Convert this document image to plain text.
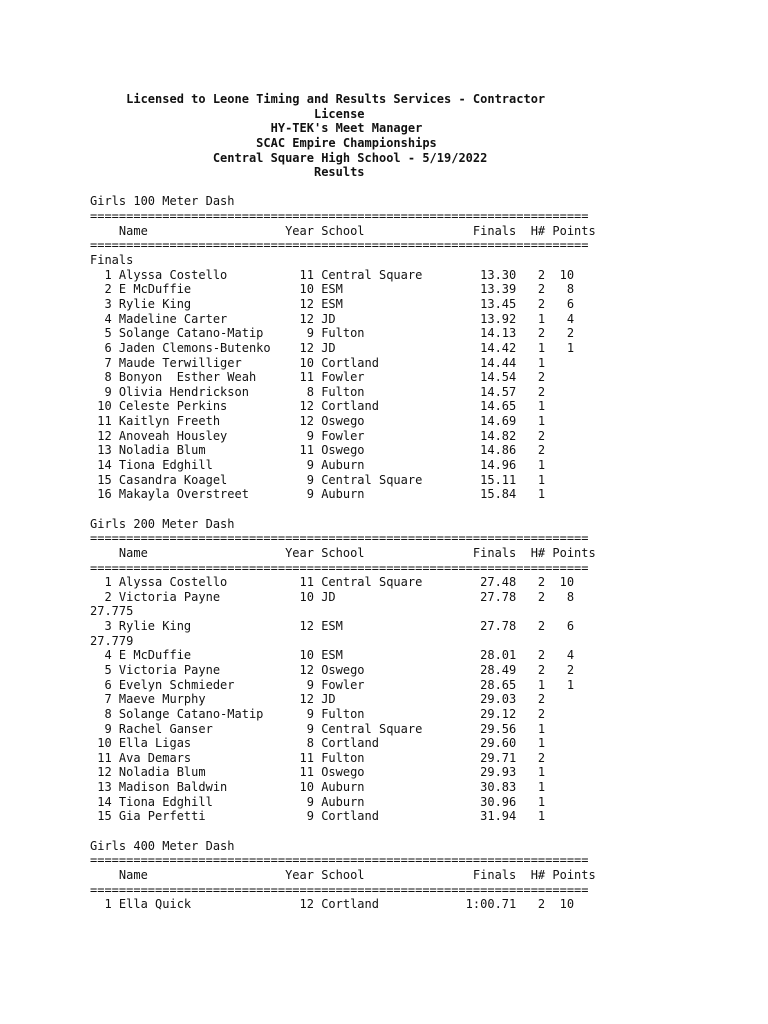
Licensed to Leone Timing and Results Services - Contractor
License
HY-TEK's Meet Manager
SCAC Empire Championships
Central Square High School - 5/19/2022
Results
Girls 100 Meter Dash
=====================================================================
Name                   Year School               Finals  H# Points
=====================================================================
Finals
1 Alyssa Costello          11 Central Square        13.30   2  10
2 E McDuffie               10 ESM                   13.39   2   8
3 Rylie King               12 ESM                   13.45   2   6
4 Madeline Carter          12 JD                    13.92   1   4
5 Solange Catano-Matip      9 Fulton                14.13   2   2
6 Jaden Clemons-Butenko    12 JD                    14.42   1   1
7 Maude Terwilliger        10 Cortland              14.44   1
8 Bonyon  Esther Weah      11 Fowler                14.54   2
9 Olivia Hendrickson        8 Fulton                14.57   2
10 Celeste Perkins          12 Cortland              14.65   1
11 Kaitlyn Freeth           12 Oswego                14.69   1
12 Anoveah Housley           9 Fowler                14.82   2
13 Noladia Blum             11 Oswego                14.86   2
14 Tiona Edghill             9 Auburn                14.96   1
15 Casandra Koagel           9 Central Square        15.11   1
16 Makayla Overstreet        9 Auburn                15.84   1
Girls 200 Meter Dash
=====================================================================
Name                   Year School               Finals  H# Points
=====================================================================
1 Alyssa Costello          11 Central Square        27.48   2  10
2 Victoria Payne           10 JD                    27.78   2   8
27.775
3 Rylie King               12 ESM                   27.78   2   6
27.779
4 E McDuffie               10 ESM                   28.01   2   4
5 Victoria Payne           12 Oswego                28.49   2   2
6 Evelyn Schmieder          9 Fowler                28.65   1   1
7 Maeve Murphy             12 JD                    29.03   2
8 Solange Catano-Matip      9 Fulton                29.12   2
9 Rachel Ganser             9 Central Square        29.56   1
10 Ella Ligas                8 Cortland              29.60   1
11 Ava Demars               11 Fulton                29.71   2
12 Noladia Blum             11 Oswego                29.93   1
13 Madison Baldwin          10 Auburn                30.83   1
14 Tiona Edghill             9 Auburn                30.96   1
15 Gia Perfetti              9 Cortland              31.94   1
Girls 400 Meter Dash
=====================================================================
Name                   Year School               Finals  H# Points
=====================================================================
1 Ella Quick               12 Cortland            1:00.71   2  10
